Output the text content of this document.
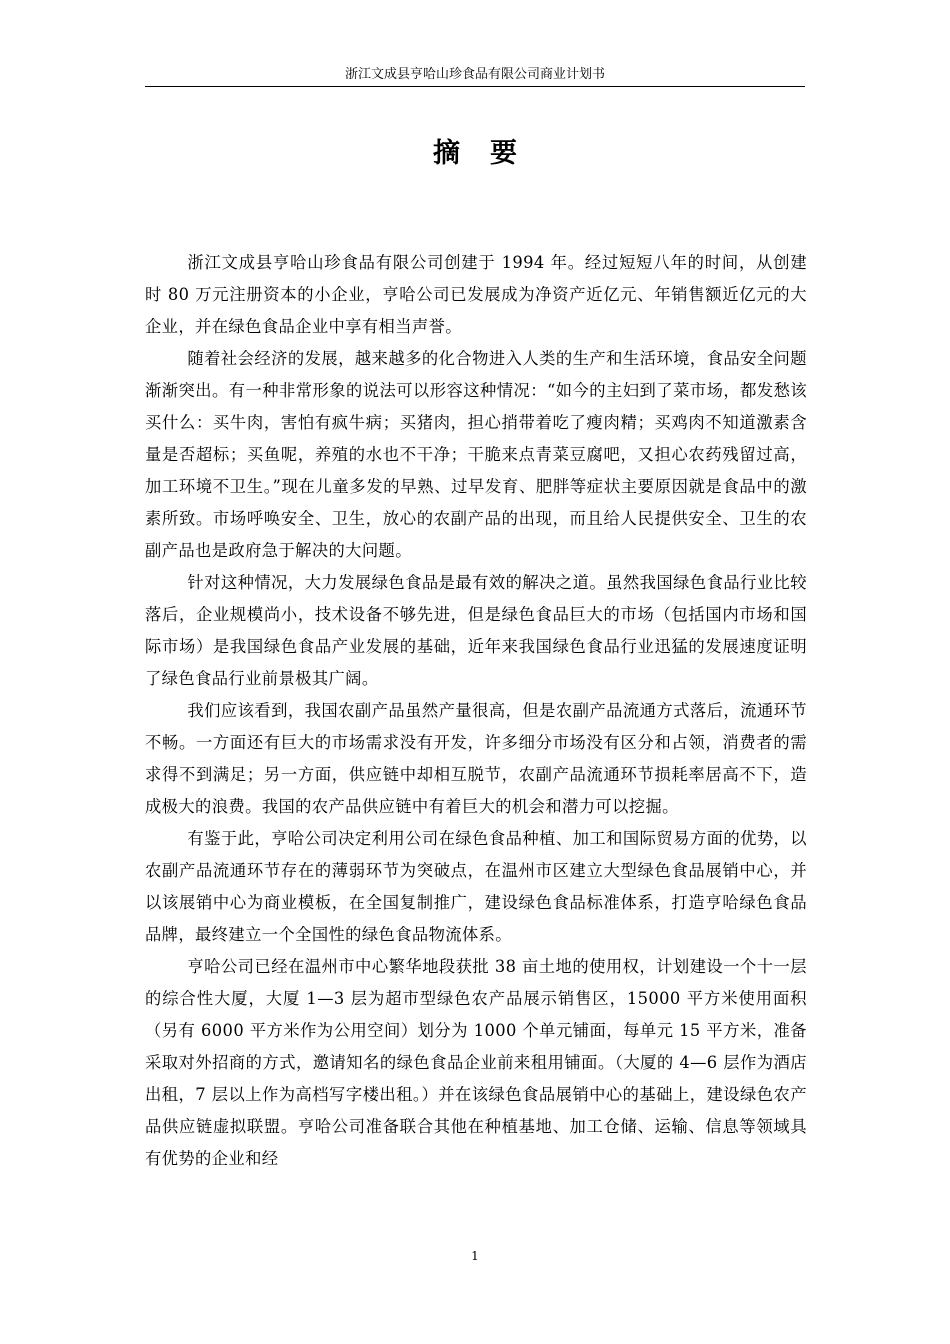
浙江文成县亨哈山珍食品有限公司商业计划书
摘要

浙江文成县亨哈山珍食品有限公司创建于 1994 年。经过短短八年的时间，从创建时 80 万元注册资本的小企业，亨哈公司已发展成为净资产近亿元、年销售额近亿元的大企业，并在绿色食品企业中享有相当声誉。

随着社会经济的发展，越来越多的化合物进入人类的生产和生活环境，食品安全问题渐渐突出。有一种非常形象的说法可以形容这种情况：“如今的主妇到了菜市场，都发愁该买什么：买牛肉，害怕有疯牛病；买猪肉，担心捎带着吃了瘦肉精；买鸡肉不知道激素含量是否超标；买鱼呢，养殖的水也不干净；干脆来点青菜豆腐吧，又担心农药残留过高，加工环境不卫生。”现在儿童多发的早熟、过早发育、肥胖等症状主要原因就是食品中的激素所致。市场呼唤安全、卫生，放心的农副产品的出现，而且给人民提供安全、卫生的农副产品也是政府急于解决的大问题。

针对这种情况，大力发展绿色食品是最有效的解决之道。虽然我国绿色食品行业比较落后，企业规模尚小，技术设备不够先进，但是绿色食品巨大的市场（包括国内市场和国际市场）是我国绿色食品产业发展的基础，近年来我国绿色食品行业迅猛的发展速度证明了绿色食品行业前景极其广阔。

我们应该看到，我国农副产品虽然产量很高，但是农副产品流通方式落后，流通环节不畅。一方面还有巨大的市场需求没有开发，许多细分市场没有区分和占领，消费者的需求得不到满足；另一方面，供应链中却相互脱节，农副产品流通环节损耗率居高不下，造成极大的浪费。我国的农产品供应链中有着巨大的机会和潜力可以挖掘。

有鉴于此，亨哈公司决定利用公司在绿色食品种植、加工和国际贸易方面的优势，以农副产品流通环节存在的薄弱环节为突破点，在温州市区建立大型绿色食品展销中心，并以该展销中心为商业模板，在全国复制推广，建设绿色食品标准体系，打造亨哈绿色食品品牌，最终建立一个全国性的绿色食品物流体系。

亨哈公司已经在温州市中心繁华地段获批 38 亩土地的使用权，计划建设一个十一层的综合性大厦，大厦 1—3 层为超市型绿色农产品展示销售区，15000 平方米使用面积（另有 6000 平方米作为公用空间）划分为 1000 个单元铺面，每单元 15 平方米，准备采取对外招商的方式，邀请知名的绿色食品企业前来租用铺面。（大厦的 4—6 层作为酒店出租，7 层以上作为高档写字楼出租。）并在该绿色食品展销中心的基础上，建设绿色农产品供应链虚拟联盟。亨哈公司准备联合其他在种植基地、加工仓储、运输、信息等领域具有优势的企业和经

1
